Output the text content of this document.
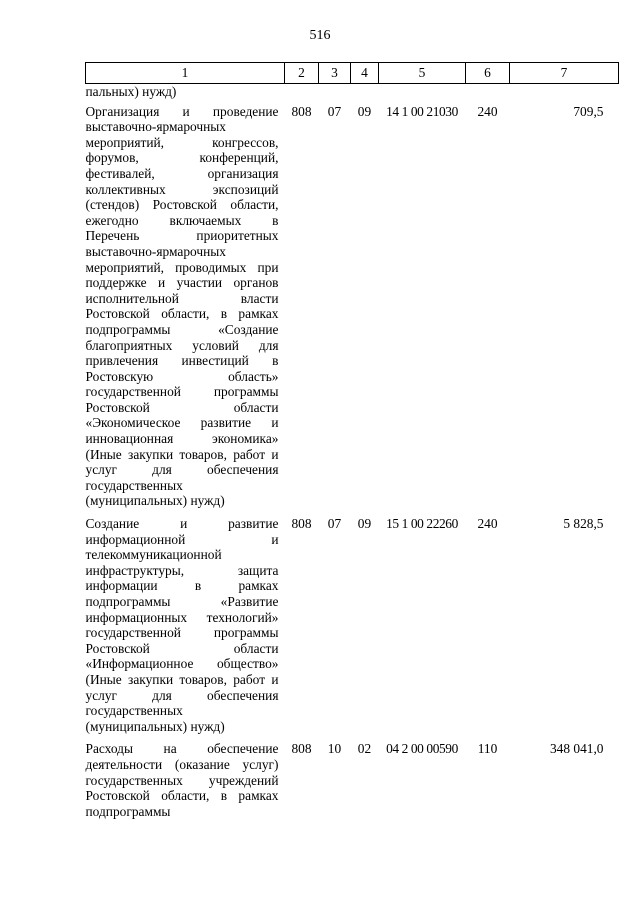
516
1	2	3	4	5	6	7
пальных) нужд)						
Организация и проведение выставочно-ярмарочных мероприятий, конгрессов, форумов, конференций, фестивалей, организация коллективных экспозиций (стендов) Ростовской области, ежегодно включаемых в Перечень приоритетных выставочно-ярмарочных мероприятий, проводимых при поддержке и участии органов исполнительной власти Ростовской области, в рамках подпрограммы «Создание благоприятных условий для привлечения инвестиций в Ростовскую область» государственной программы Ростовской области «Экономическое развитие и инновационная экономика» (Иные закупки товаров, работ и услуг для обеспечения государственных (муниципальных) нужд)	808	07	09	14 1 00 21030	240	709,5
Создание и развитие информационной и телекоммуникационной инфраструктуры, защита информации в рамках подпрограммы «Развитие информационных технологий» государственной программы Ростовской области «Информационное общество» (Иные закупки товаров, работ и услуг для обеспечения государственных (муниципальных) нужд)	808	07	09	15 1 00 22260	240	5 828,5
Расходы на обеспечение деятельности (оказание услуг) государственных учреждений Ростовской области, в рамках подпрограммы	808	10	02	04 2 00 00590	110	348 041,0
